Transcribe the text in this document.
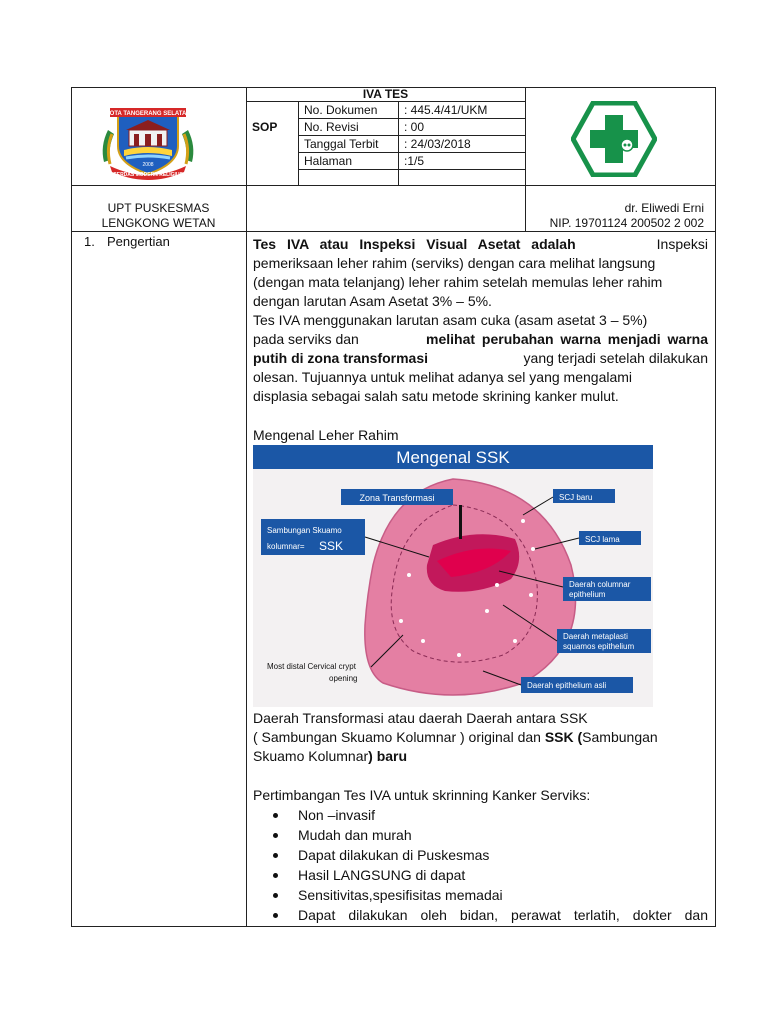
IVA TES
SOP
No. Dokumen : 445.4/41/UKM
No. Revisi	: 00
Tanggal Terbit : 24/03/2018
Halaman	:1/5
KOTA TANGERANG SELATAN
CERDAS MODERN RELIGIUS
2008
UPT PUSKESMAS
LENGKONG WETAN
dr. Eliwedi Erni
NIP. 19701124 200502 2 002
1. Pengertian	Tes IVA atau Inspeksi Visual Asetat adalah	Inspeksi
pemeriksaan leher rahim (serviks) dengan cara melihat langsung
(dengan mata telanjang) leher rahim setelah memulas leher rahim
dengan larutan Asam Asetat 3% – 5%.
Tes IVA menggunakan larutan asam cuka (asam asetat 3 – 5%)
pada serviks dan	melihat perubahan warna menjadi warna
putih di zona transformasi	yang terjadi setelah dilakukan
olesan. Tujuannya untuk melihat adanya sel yang mengalami
displasia sebagai salah satu metode skrining kanker mulut.
Mengenal Leher Rahim
Mengenal SSK
Zona Transformasi
Sambungan Skuamo
kolumnar= SSK
SCJ baru
SCJ lama
Daerah columnar
epithelium
Daerah metaplasti
squamos epithelium
Daerah epithelium asli
Most distal Cervical crypt
opening
Daerah Transformasi atau daerah Daerah antara SSK
( Sambungan Skuamo Kolumnar ) original dan SSK (Sambungan
Skuamo Kolumnar) baru
Pertimbangan Tes IVA untuk skrinning Kanker Serviks:
Non –invasif
Mudah dan murah
Dapat dilakukan di Puskesmas
Hasil LANGSUNG di dapat
Sensitivitas,spesifisitas memadai
Dapat dilakukan oleh bidan, perawat terlatih, dokter dan
